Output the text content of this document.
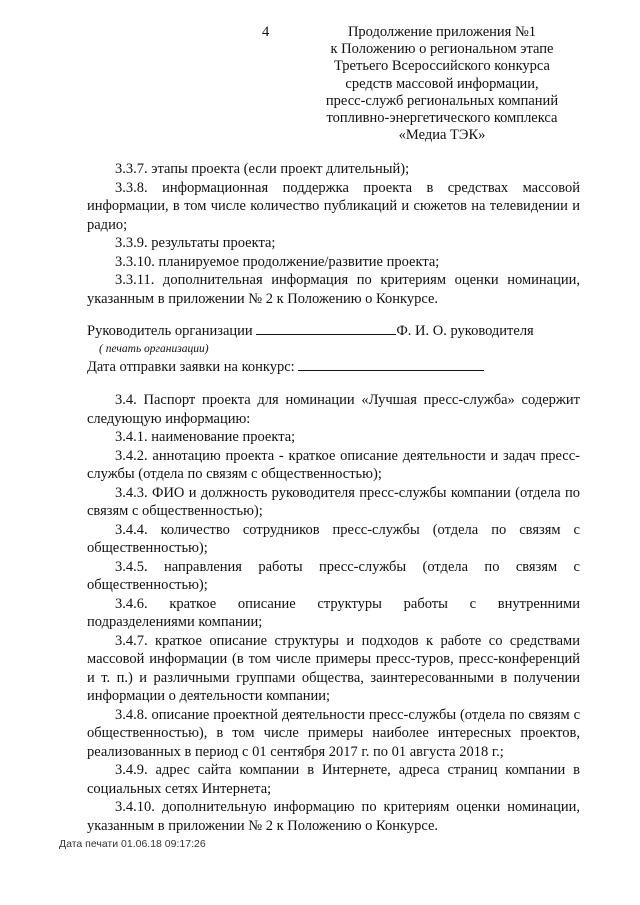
4	Продолжение приложения №1
к Положению о региональном этапе
Третьего Всероссийского конкурса
средств массовой информации,
пресс-служб региональных компаний
топливно-энергетического комплекса
«Медиа ТЭК»

3.3.7. этапы проекта (если проект длительный);

3.3.8. информационная поддержка проекта в средствах массовой информации, в том числе количество публикаций и сюжетов на телевидении и радио;

3.3.9. результаты проекта;

3.3.10. планируемое продолжение/развитие проекта;

3.3.11. дополнительная информация по критериям оценки номинации, указанным в приложении № 2 к Положению о Конкурсе.

Руководитель организации	Ф. И. О. руководителя
( печать организации)
Дата отправки заявки на конкурс:

3.4. Паспорт проекта для номинации «Лучшая пресс-служба» содержит следующую информацию:

3.4.1. наименование проекта;

3.4.2. аннотацию проекта - краткое описание деятельности и задач пресс-службы (отдела по связям с общественностью);

3.4.3. ФИО и должность руководителя пресс-службы компании (отдела по связям с общественностью);

3.4.4. количество сотрудников пресс-службы (отдела по связям с общественностью);

3.4.5. направления работы пресс-службы (отдела по связям с общественностью);

3.4.6. краткое описание структуры работы с внутренними подразделениями компании;

3.4.7. краткое описание структуры и подходов к работе со средствами массовой информации (в том числе примеры пресс-туров, пресс-конференций и т. п.) и различными группами общества, заинтересованными в получении информации о деятельности компании;

3.4.8. описание проектной деятельности пресс-службы (отдела по связям с общественностью), в том числе примеры наиболее интересных проектов, реализованных в период с 01 сентября 2017 г. по 01 августа 2018 г.;

3.4.9. адрес сайта компании в Интернете, адреса страниц компании в социальных сетях Интернета;

3.4.10. дополнительную информацию по критериям оценки номинации, указанным в приложении № 2 к Положению о Конкурсе.

Дата печати 01.06.18 09:17:26
